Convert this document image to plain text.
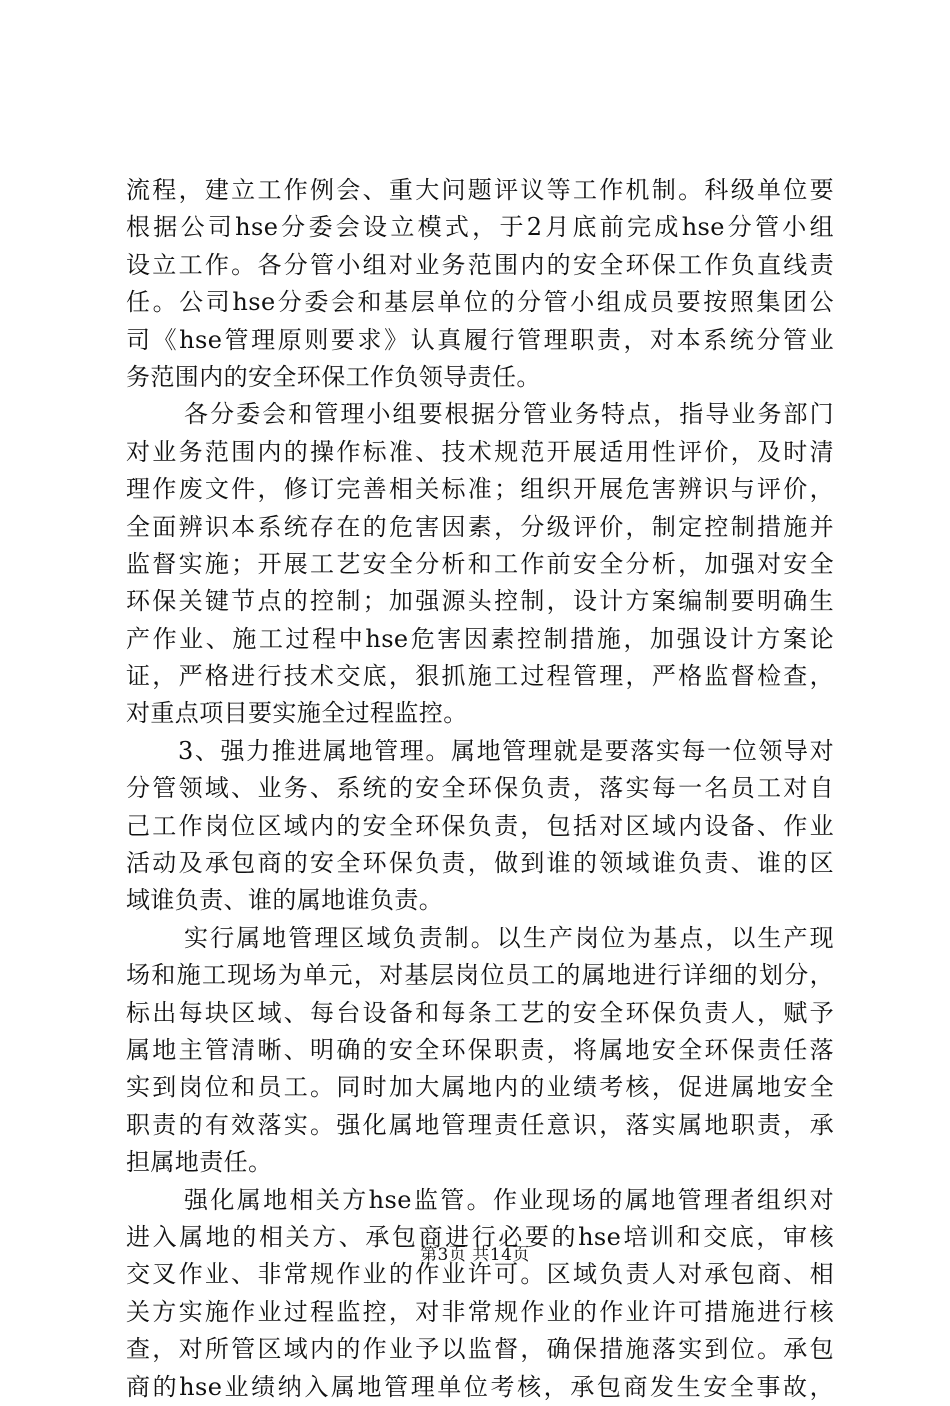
流程，建立工作例会、重大问题评议等工作机制。科级单位要
根据公司hse分委会设立模式，于2月底前完成hse分管小组
设立工作。各分管小组对业务范围内的安全环保工作负直线责
任。公司hse分委会和基层单位的分管小组成员要按照集团公
司《hse管理原则要求》认真履行管理职责，对本系统分管业
务范围内的安全环保工作负领导责任。
各分委会和管理小组要根据分管业务特点，指导业务部门
对业务范围内的操作标准、技术规范开展适用性评价，及时清
理作废文件，修订完善相关标准；组织开展危害辨识与评价，
全面辨识本系统存在的危害因素，分级评价，制定控制措施并
监督实施；开展工艺安全分析和工作前安全分析，加强对安全
环保关键节点的控制；加强源头控制，设计方案编制要明确生
产作业、施工过程中hse危害因素控制措施，加强设计方案论
证，严格进行技术交底，狠抓施工过程管理，严格监督检查，
对重点项目要实施全过程监控。
3、强力推进属地管理。属地管理就是要落实每一位领导对
分管领域、业务、系统的安全环保负责，落实每一名员工对自
己工作岗位区域内的安全环保负责，包括对区域内设备、作业
活动及承包商的安全环保负责，做到谁的领域谁负责、谁的区
域谁负责、谁的属地谁负责。
实行属地管理区域负责制。以生产岗位为基点，以生产现
场和施工现场为单元，对基层岗位员工的属地进行详细的划分，
标出每块区域、每台设备和每条工艺的安全环保负责人，赋予
属地主管清晰、明确的安全环保职责，将属地安全环保责任落
实到岗位和员工。同时加大属地内的业绩考核，促进属地安全
职责的有效落实。强化属地管理责任意识，落实属地职责，承
担属地责任。
强化属地相关方hse监管。作业现场的属地管理者组织对
进入属地的相关方、承包商进行必要的hse培训和交底，审核
交叉作业、非常规作业的作业许可。区域负责人对承包商、相
关方实施作业过程监控，对非常规作业的作业许可措施进行核
查，对所管区域内的作业予以监督，确保措施落实到位。承包
商的hse业绩纳入属地管理单位考核，承包商发生安全事故，
第3页 共14页
